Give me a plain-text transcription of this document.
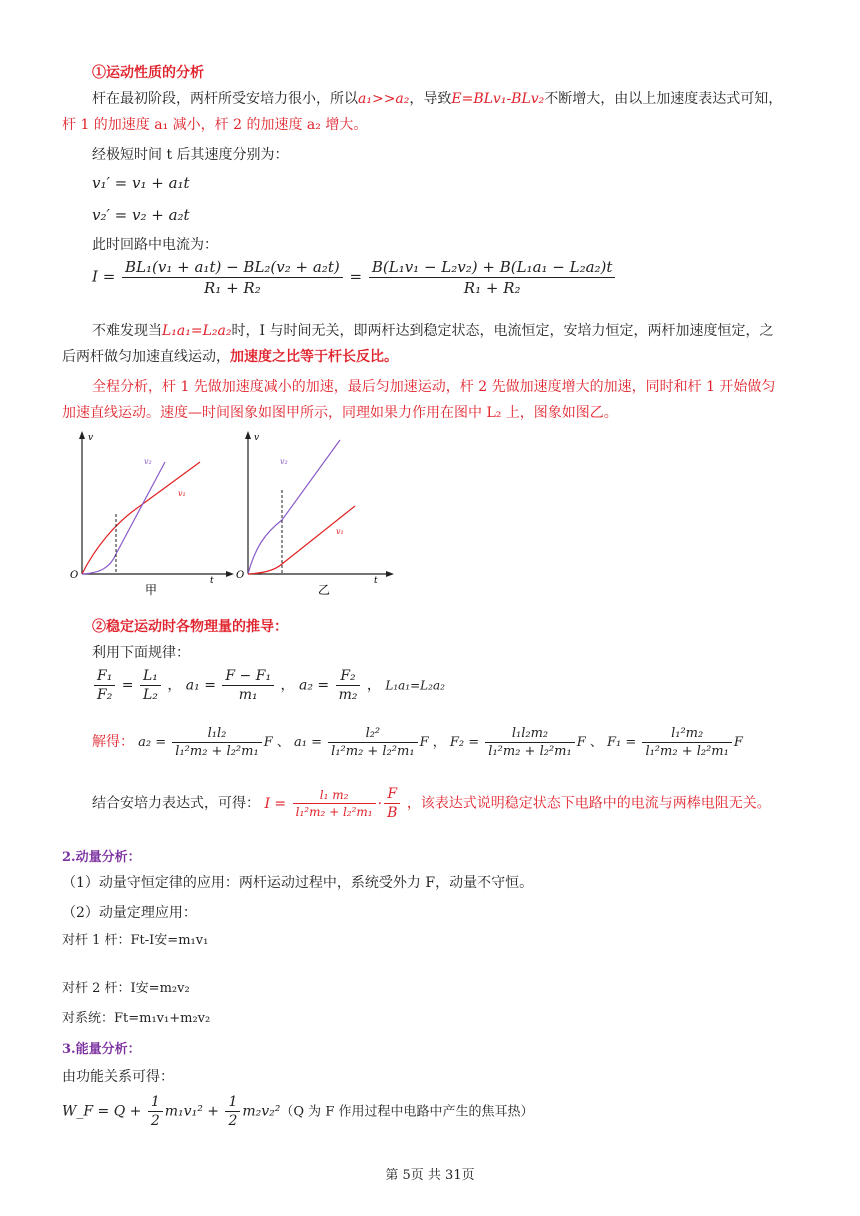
①运动性质的分析
杆在最初阶段，两杆所受安培力很小，所以a₁>>a₂，导致E=BLv₁-BLv₂不断增大，由以上加速度表达式可知，
杆 1 的加速度 a₁ 减小，杆 2 的加速度 a₂ 增大。
经极短时间 t 后其速度分别为：
v₁′ = v₁ + a₁t
v₂′ = v₂ + a₂t
此时回路中电流为：
$I = \frac{\text{BL₁(v₁ + a₁t) − BL₂(v₂ + a₂t)}}{\text{R₁ + R₂}} = \frac{\text{B(L₁v₁ − L₂v₂) + B(L₁a₁ − L₂a₂)t}}{\text{R₁ + R₂}}$
不难发现当L₁a₁=L₂a₂时，I 与时间无关，即两杆达到稳定状态，电流恒定，安培力恒定，两杆加速度恒定，之
后两杆做匀加速直线运动，加速度之比等于杆长反比。
全程分析，杆 1 先做加速度减小的加速，最后匀加速运动，杆 2 先做加速度增大的加速，同时和杆 1 开始做匀
加速直线运动。速度—时间图象如图甲所示，同理如果力作用在图中 L₂ 上，图象如图乙。
v
t
O
v₂
v₁
甲
v
t
O
v₂
v₁
乙
②稳定运动时各物理量的推导：
利用下面规律：
$\frac{\text{F₁}}{\text{F₂}} = \frac{\text{L₁}}{\text{L₂}}$ ， $a_1 = \frac{\text{F − F₁}}{\text{m₁}}$ ， $a_2 = \frac{\text{F₂}}{\text{m₂}}$ ， L₁a₁=L₂a₂
解得： $a_2 = \frac{\text{l₁l₂}}{\text{l₁²m₂ + l₂²m₁}}$ F 、 $a_1 = \frac{\text{l₂²}}{\text{l₁²m₂ + l₂²m₁}}$ F ， $F_2 = \frac{\text{l₁l₂m₂}}{\text{l₁²m₂ + l₂²m₁}}$ F 、 $F_1 = \frac{\text{l₁²m₂}}{\text{l₁²m₂ + l₂²m₁}}$ F
结合安培力表达式，可得： $I = \frac{\text{l₁ m₂}}{\text{l₁²m₂ + l₂²m₁}} \cdot \frac{F}{B}$ ，该表达式说明稳定状态下电路中的电流与两棒电阻无关。
2.动量分析：
（1）动量守恒定律的应用：两杆运动过程中，系统受外力 F，动量不守恒。
（2）动量定理应用：
对杆 1 杆：Ft-I安=m₁v₁
对杆 2 杆：I安=m₂v₂
对系统：Ft=m₁v₁+m₂v₂
3.能量分析：
由功能关系可得：
W_F = $Q + \frac{1}{2} m_1v_1^2 + \frac{1}{2} m_2v_2^2(Q$ 为 F 作用过程中电路中产生的焦耳热）
第 5页 共 31页
